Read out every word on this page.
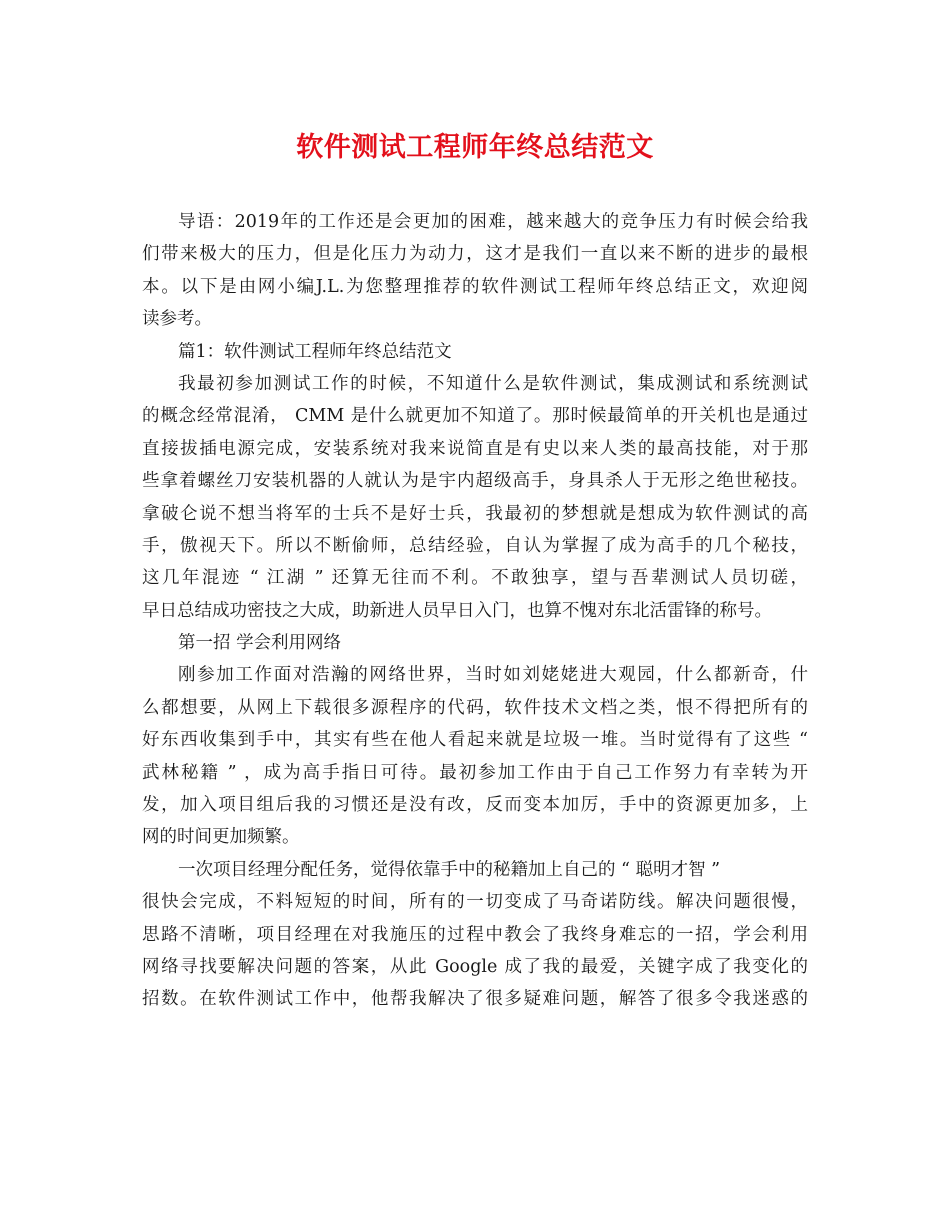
软件测试工程师年终总结范文
导语：2019年的工作还是会更加的困难，越来越大的竞争压力有时候会给我
们带来极大的压力，但是化压力为动力，这才是我们一直以来不断的进步的最根
本。以下是由网小编J.L.为您整理推荐的软件测试工程师年终总结正文，欢迎阅
读参考。
篇1：软件测试工程师年终总结范文
我最初参加测试工作的时候，不知道什么是软件测试，集成测试和系统测试
的概念经常混淆， CMM 是什么就更加不知道了。那时候最简单的开关机也是通过
直接拔插电源完成，安装系统对我来说简直是有史以来人类的最高技能，对于那
些拿着螺丝刀安装机器的人就认为是宇内超级高手，身具杀人于无形之绝世秘技。
拿破仑说不想当将军的士兵不是好士兵，我最初的梦想就是想成为软件测试的高
手，傲视天下。所以不断偷师，总结经验，自认为掌握了成为高手的几个秘技，
这几年混迹 “ 江湖 ” 还算无往而不利。不敢独享，望与吾辈测试人员切磋，
早日总结成功密技之大成，助新进人员早日入门，也算不愧对东北活雷锋的称号。
第一招 学会利用网络
刚参加工作面对浩瀚的网络世界，当时如刘姥姥进大观园，什么都新奇，什
么都想要，从网上下载很多源程序的代码，软件技术文档之类，恨不得把所有的
好东西收集到手中，其实有些在他人看起来就是垃圾一堆。当时觉得有了这些 “
武林秘籍 ” ，成为高手指日可待。最初参加工作由于自己工作努力有幸转为开
发，加入项目组后我的习惯还是没有改，反而变本加厉，手中的资源更加多，上
网的时间更加频繁。
一次项目经理分配任务，觉得依靠手中的秘籍加上自己的 “ 聪明才智 ”
很快会完成，不料短短的时间，所有的一切变成了马奇诺防线。解决问题很慢，
思路不清晰，项目经理在对我施压的过程中教会了我终身难忘的一招，学会利用
网络寻找要解决问题的答案，从此 Google 成了我的最爱，关键字成了我变化的
招数。在软件测试工作中，他帮我解决了很多疑难问题，解答了很多令我迷惑的
